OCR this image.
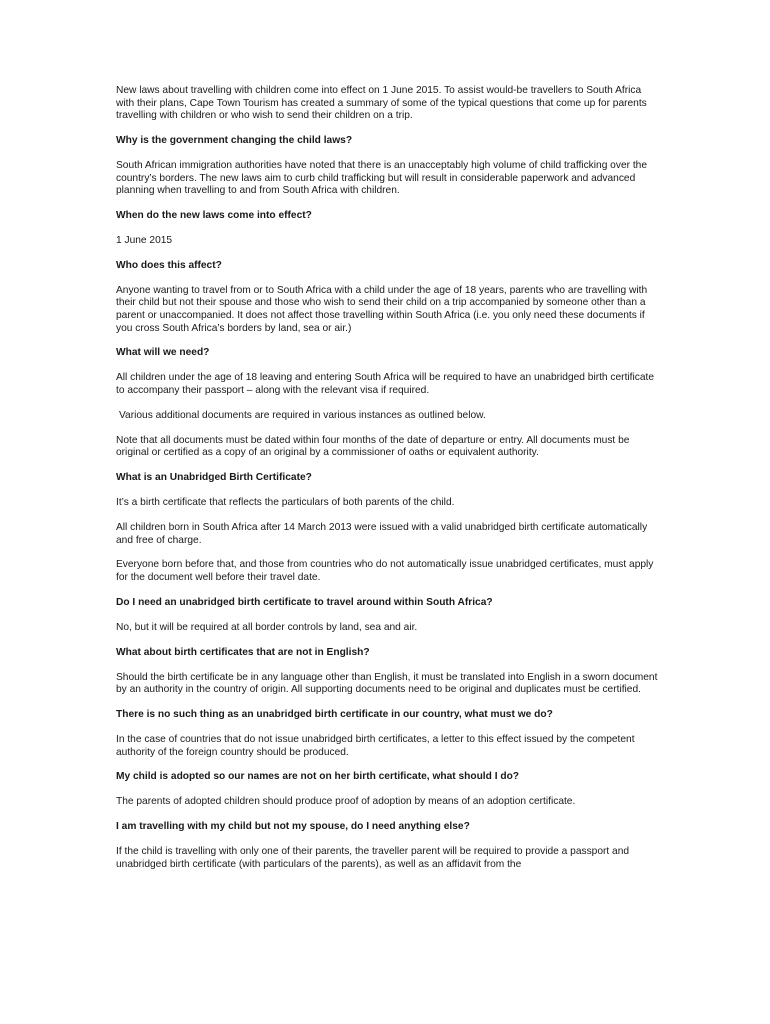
New laws about travelling with children come into effect on 1 June 2015. To assist would-be travellers to South Africa with their plans, Cape Town Tourism has created a summary of some of the typical questions that come up for parents travelling with children or who wish to send their children on a trip.

Why is the government changing the child laws?

South African immigration authorities have noted that there is an unacceptably high volume of child trafficking over the country’s borders. The new laws aim to curb child trafficking but will result in considerable paperwork and advanced planning when travelling to and from South Africa with children.

When do the new laws come into effect?

1 June 2015

Who does this affect?

Anyone wanting to travel from or to South Africa with a child under the age of 18 years, parents who are travelling with their child but not their spouse and those who wish to send their child on a trip accompanied by someone other than a parent or unaccompanied. It does not affect those travelling within South Africa (i.e. you only need these documents if you cross South Africa’s borders by land, sea or air.)

What will we need?

All children under the age of 18 leaving and entering South Africa will be required to have an unabridged birth certificate to accompany their passport – along with the relevant visa if required.

Various additional documents are required in various instances as outlined below.

Note that all documents must be dated within four months of the date of departure or entry. All documents must be original or certified as a copy of an original by a commissioner of oaths or equivalent authority.

What is an Unabridged Birth Certificate?

It’s a birth certificate that reflects the particulars of both parents of the child.

All children born in South Africa after 14 March 2013 were issued with a valid unabridged birth certificate automatically and free of charge.

Everyone born before that, and those from countries who do not automatically issue unabridged certificates, must apply for the document well before their travel date.

Do I need an unabridged birth certificate to travel around within South Africa?

No, but it will be required at all border controls by land, sea and air.

What about birth certificates that are not in English?

Should the birth certificate be in any language other than English, it must be translated into English in a sworn document by an authority in the country of origin. All supporting documents need to be original and duplicates must be certified.

There is no such thing as an unabridged birth certificate in our country, what must we do?

In the case of countries that do not issue unabridged birth certificates, a letter to this effect issued by the competent authority of the foreign country should be produced.

My child is adopted so our names are not on her birth certificate, what should I do?

The parents of adopted children should produce proof of adoption by means of an adoption certificate.

I am travelling with my child but not my spouse, do I need anything else?

If the child is travelling with only one of their parents, the traveller parent will be required to provide a passport and unabridged birth certificate (with particulars of the parents), as well as an affidavit from the
